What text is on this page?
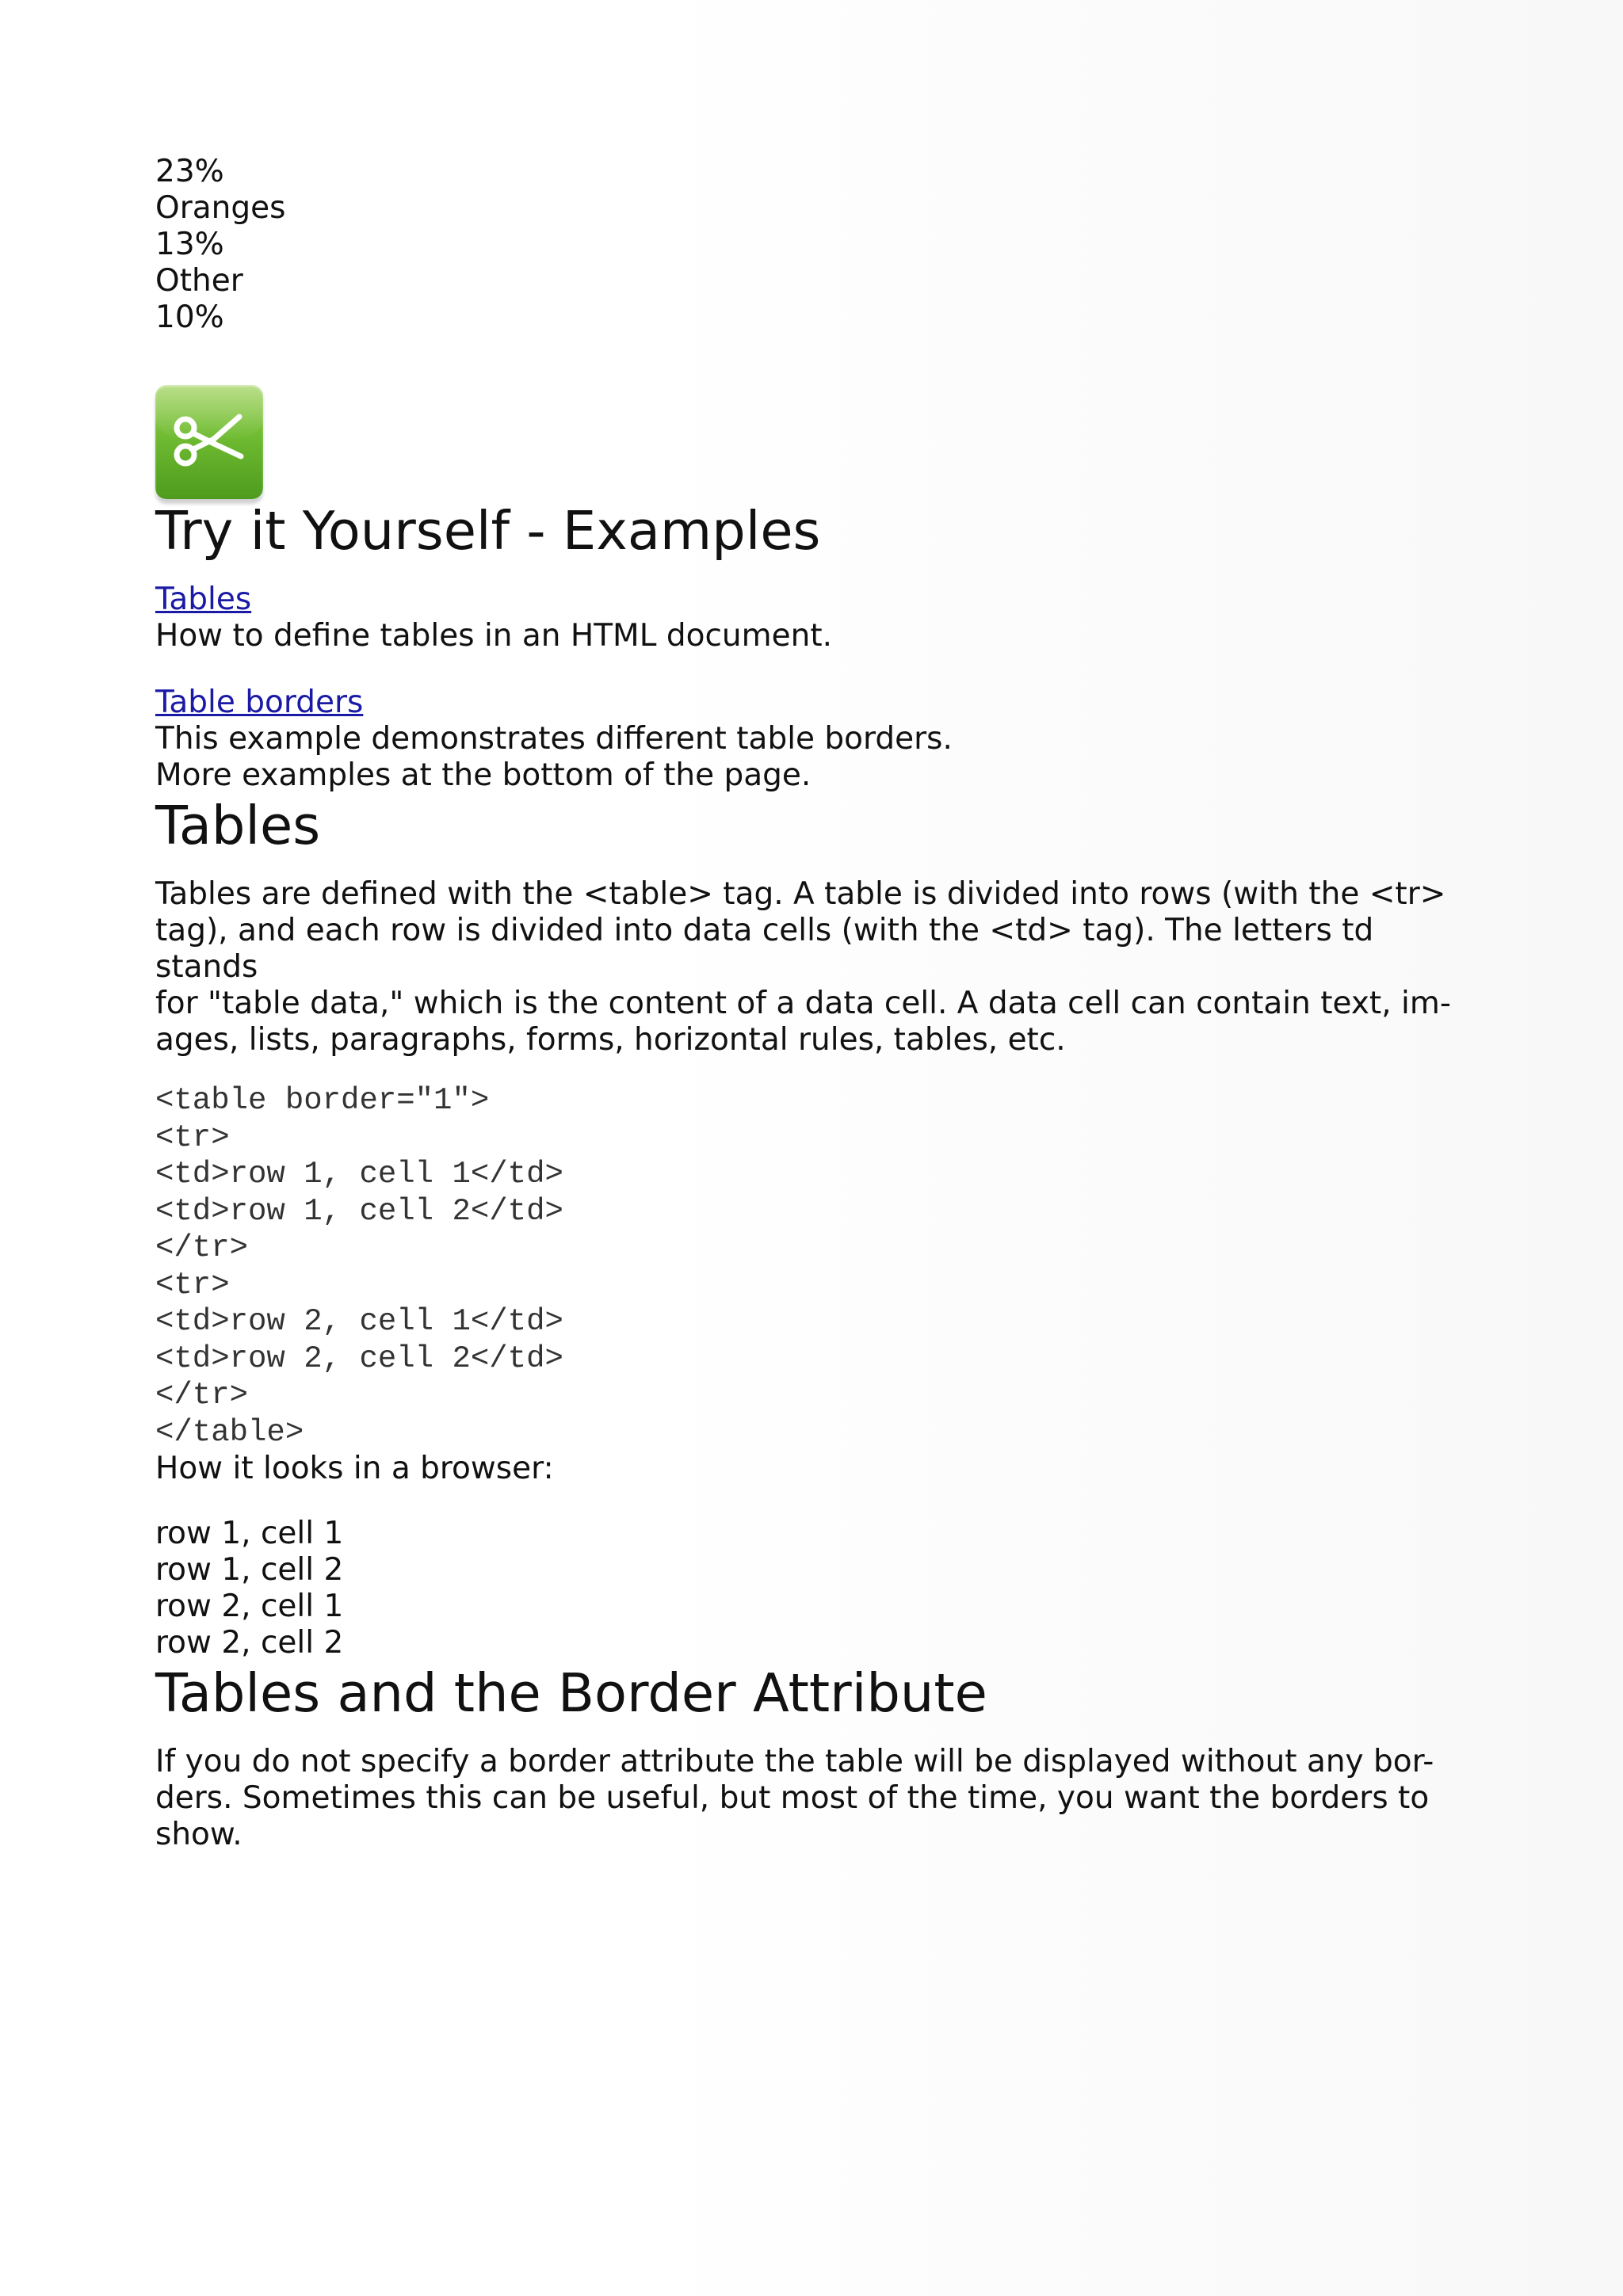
23%
Oranges
13%
Other
10%
Try it Yourself - Examples
Tables

How to define tables in an HTML document.

Table borders

This example demonstrates different table borders.

More examples at the bottom of the page.

Tables

Tables are defined with the <table> tag. A table is divided into rows (with the <tr>

tag), and each row is divided into data cells (with the <td> tag). The letters td stands

for "table data," which is the content of a data cell. A data cell can contain text, im-

ages, lists, paragraphs, forms, horizontal rules, tables, etc.

<table border="1">
<tr>
<td>row 1, cell 1</td>
<td>row 1, cell 2</td>
</tr>
<tr>
<td>row 2, cell 1</td>
<td>row 2, cell 2</td>
</tr>
</table>

How it looks in a browser:

row 1, cell 1
row 1, cell 2
row 2, cell 1
row 2, cell 2
Tables and the Border Attribute

If you do not specify a border attribute the table will be displayed without any bor-

ders. Sometimes this can be useful, but most of the time, you want the borders to

show.
